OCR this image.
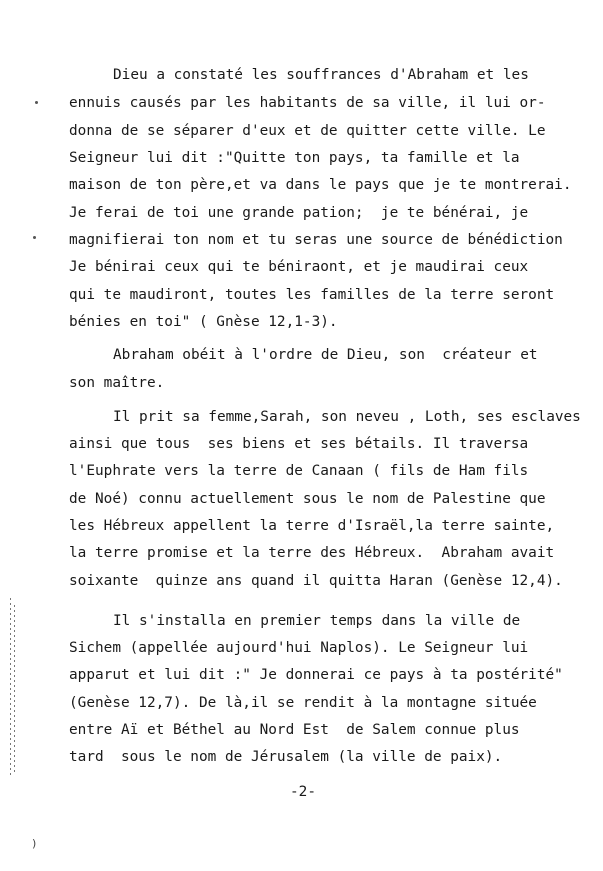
)
Dieu a constaté les souffrances d'Abraham et les
ennuis causés par les habitants de sa ville, il lui or-
donna de se séparer d'eux et de quitter cette ville. Le
Seigneur lui dit :"Quitte ton pays, ta famille et la
maison de ton père,et va dans le pays que je te montrerai.
Je ferai de toi une grande pation;  je te bénérai, je
magnifierai ton nom et tu seras une source de bénédiction
Je bénirai ceux qui te béniraont, et je maudirai ceux
qui te maudiront, toutes les familles de la terre seront
bénies en toi" ( Gnèse 12,1-3).
Abraham obéit à l'ordre de Dieu, son  créateur et
son maître.
Il prit sa femme,Sarah, son neveu , Loth, ses esclaves
ainsi que tous  ses biens et ses bétails. Il traversa
l'Euphrate vers la terre de Canaan ( fils de Ham fils
de Noé) connu actuellement sous le nom de Palestine que
les Hébreux appellent la terre d'Israël,la terre sainte,
la terre promise et la terre des Hébreux.  Abraham avait
soixante  quinze ans quand il quitta Haran (Genèse 12,4).
Il s'installa en premier temps dans la ville de
Sichem (appellée aujourd'hui Naplos). Le Seigneur lui
apparut et lui dit :" Je donnerai ce pays à ta postérité"
(Genèse 12,7). De là,il se rendit à la montagne située
entre Aï et Béthel au Nord Est  de Salem connue plus
tard  sous le nom de Jérusalem (la ville de paix).
-2-
